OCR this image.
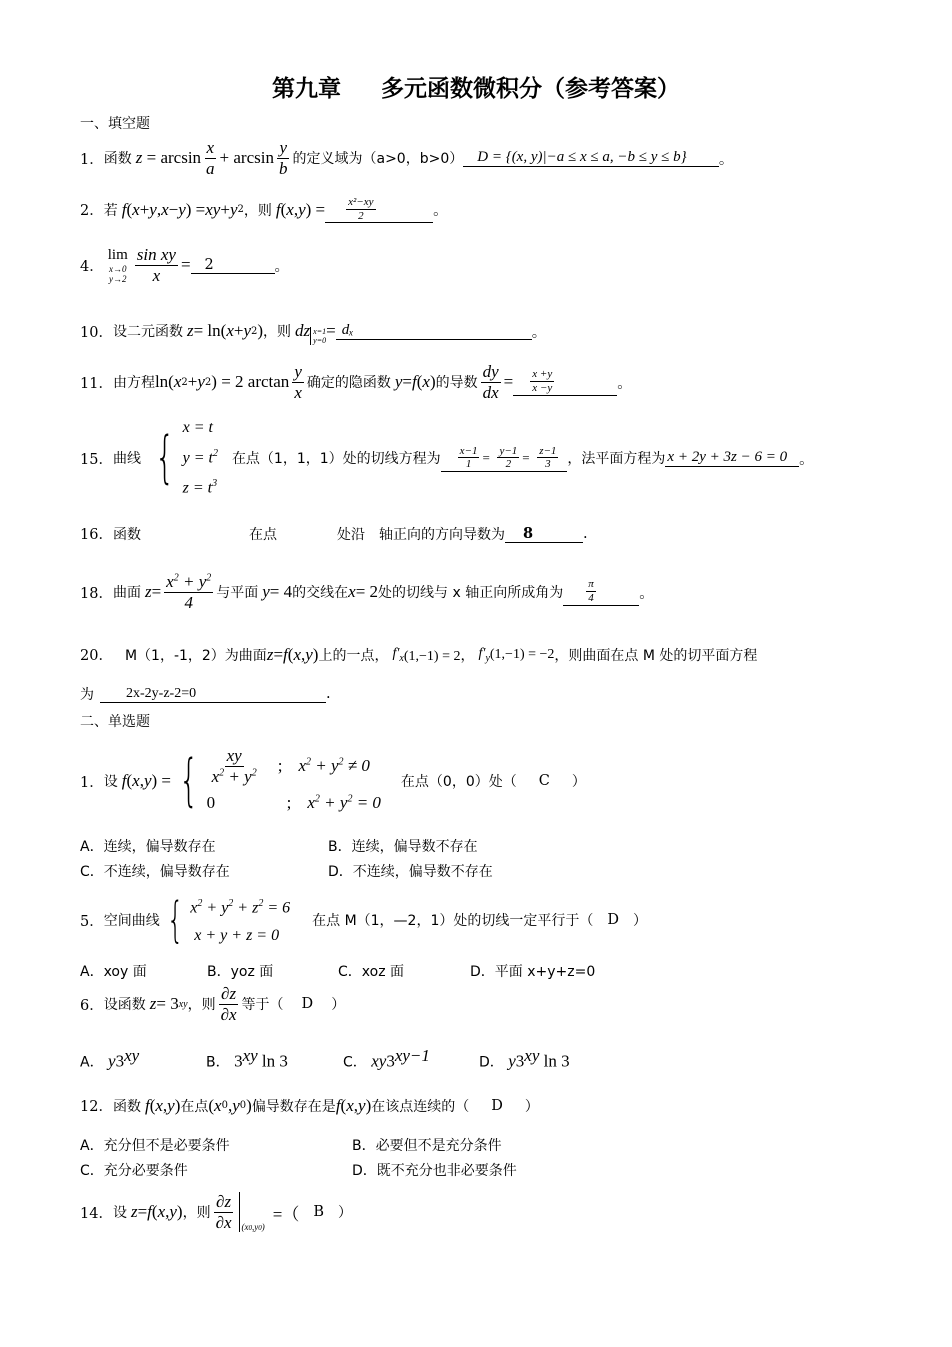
第九章 多元函数微积分（参考答案）
一、填空题
1． 函数 $z = \arcsin \frac{x}{a} + \arcsin \frac{y}{b}$ 的定义域为（a>0，b>0） D = {(x, y)|−a ≤ x ≤ a, −b ≤ y ≤ b}	。
2． 若 f ( x + y , x − y ) = xy + y 2 ，则 f ( x , y ) = $\frac{\text{x²−xy}}{2}$	。
4．
lim
x→0
$y\to 2 \frac{\text{sin xy}}{x} = 2$	。
10． 设二元函数 z = ln( x + y 2 ) ，则 dz x=1
y=0
= dₓ	。
11． 由方程 ln( x 2 + y 2 ) = 2 $\arctan \frac{y}{x}$ 确定的隐函数 y = f ( x ) 的导数 $\frac{dy}{dx} = \frac{x +y}{x -y}$	。
15． 曲线 { x = t
$y = t^2$
$z = t^3$
在点（1，1，1）处的切线方程为 $\frac{x-1}{1} = \frac{y-1}{2} = \frac{z-1}{3}$ ，法平面方程为 x + 2y + 3z − 6 = 0 。
16． 函数	在点	处沿　轴正向的方向导数为	8	.
18． 曲面 $z = \frac{x^2 + y^2}{4}$ 与平面 y = 4 的交线在 x = 2 处的切线与 x 轴正向所成角为 $\frac{\pi}{4}$	。
20． M（1，-1，2）为曲面 z = f ( x , y ) 上的一点， $f'_x$ (1,−1) = 2， $f'_y$ (1,−1) = −2 ，则曲面在点 M 处的切平面方程
为	2x-2y-z-2=0	.
二、单选题
1． 设 f ( x , y ) = { $\frac{xy}{x^2 + y^2}$ ; $x^2 + y^2 \ne 0$
0	; $x^2 + y^2 = 0$
在点（0，0）处（ C ）
A．连续，偏导数存在	B．连续，偏导数不存在
C．不连续，偏导数存在	D．不连续，偏导数不存在
5． 空间曲线 { $x^2 + y^2 + z^2 = 6$
x + y + z = 0
在点 M（1，—2，1）处的切线一定平行于（ D ）
A．xoy 面	B．yoz 面	C．xoz 面	D．平面 x+y+z=0
6． 设函数 z = 3 xy ，则 $\frac{\partial z}{\partial x}$ 等于（ D ）
A． $y3^{xy}$	B． $3^{xy}$ ln 3	C． $xy3^{xy-1}$	D． $y3^{xy}$ ln 3
12． 函数 f ( x , y ) 在点 ( x 0 , y 0 ) 偏导数存在是 f ( x , y ) 在该点连续的（ D ）
A．充分但不是必要条件	B．必要但不是充分条件
C．充分必要条件	D．既不充分也非必要条件
14． 设 z = f ( x , y ) ，则 $\frac{\partial z}{\partial x} (x$ 0 ,y 0 )
=（ B ）
